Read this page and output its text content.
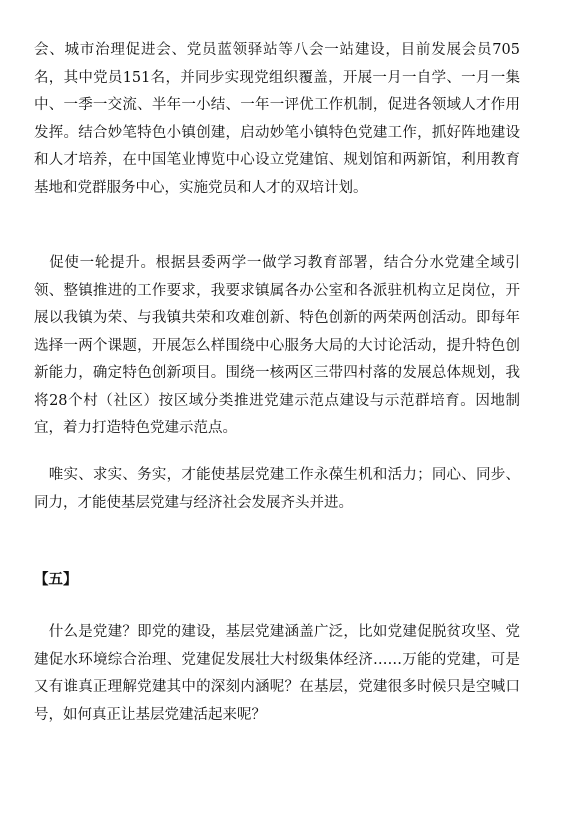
会、城市治理促进会、党员蓝领驿站等八会一站建设，目前发展会员705名，其中党员151名，并同步实现党组织覆盖，开展一月一自学、一月一集中、一季一交流、半年一小结、一年一评优工作机制，促进各领域人才作用发挥。结合妙笔特色小镇创建，启动妙笔小镇特色党建工作，抓好阵地建设和人才培养，在中国笔业博览中心设立党建馆、规划馆和两新馆，利用教育基地和党群服务中心，实施党员和人才的双培计划。

　促使一轮提升。根据县委两学一做学习教育部署，结合分水党建全域引领、整镇推进的工作要求，我要求镇属各办公室和各派驻机构立足岗位，开展以我镇为荣、与我镇共荣和攻难创新、特色创新的两荣两创活动。即每年选择一两个课题，开展怎么样围绕中心服务大局的大讨论活动，提升特色创新能力，确定特色创新项目。围绕一核两区三带四村落的发展总体规划，我将28个村（社区）按区域分类推进党建示范点建设与示范群培育。因地制宜，着力打造特色党建示范点。

　唯实、求实、务实，才能使基层党建工作永葆生机和活力；同心、同步、同力，才能使基层党建与经济社会发展齐头并进。

【五】

　什么是党建？即党的建设，基层党建涵盖广泛，比如党建促脱贫攻坚、党建促水环境综合治理、党建促发展壮大村级集体经济……万能的党建，可是又有谁真正理解党建其中的深刻内涵呢？在基层，党建很多时候只是空喊口号，如何真正让基层党建活起来呢？
